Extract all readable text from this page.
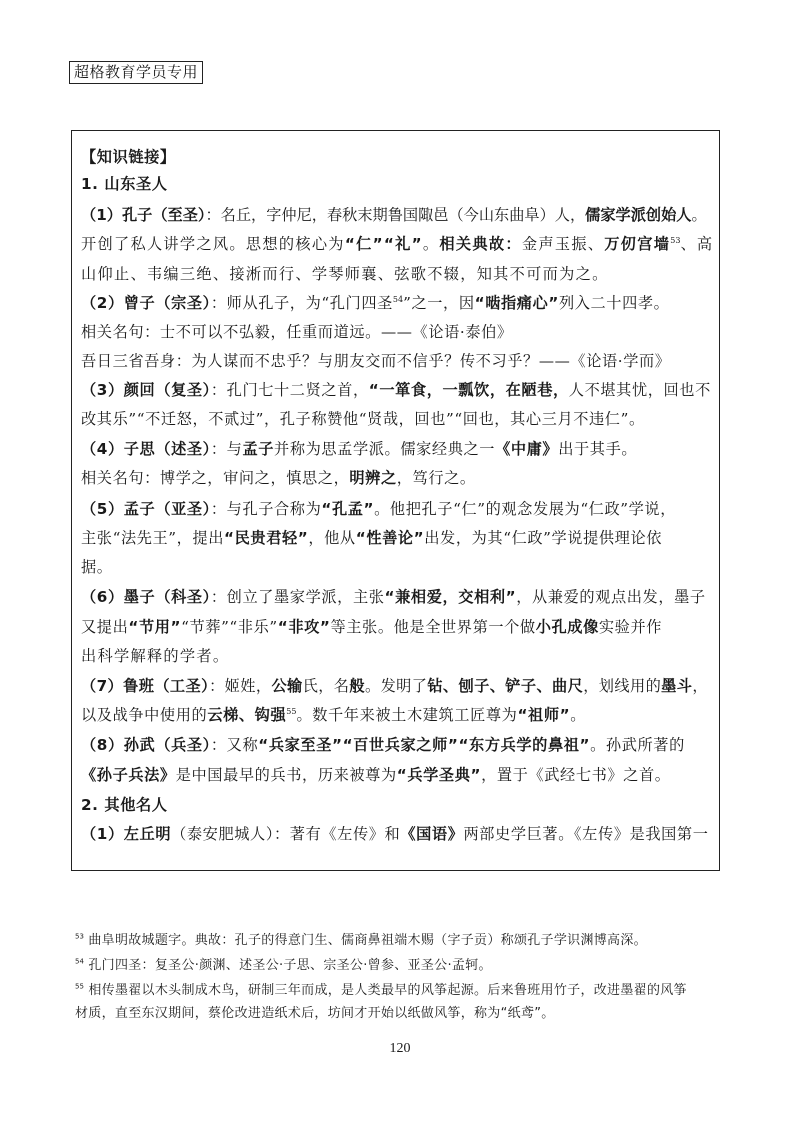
超格教育学员专用
【知识链接】
1. 山东圣人
（1）孔子（至圣）：名丘，字仲尼，春秋末期鲁国陬邑（今山东曲阜）人，儒家学派创始人。
开创了私人讲学之风。思想的核心为“仁”“礼”。相关典故：金声玉振、万仞宫墙$^{53}$、高
山仰止、韦编三绝、接淅而行、学琴师襄、弦歌不辍，知其不可而为之。
（2）曾子（宗圣）：师从孔子，为“孔门四圣$^{54}$”之一，因“啮指痛心”列入二十四孝。
相关名句：士不可以不弘毅，任重而道远。——《论语·泰伯》
吾日三省吾身：为人谋而不忠乎？与朋友交而不信乎？传不习乎？——《论语·学而》
（3）颜回（复圣）：孔门七十二贤之首，“一箪食，一瓢饮，在陋巷，人不堪其忧，回也不
改其乐”“不迁怒，不贰过”，孔子称赞他“贤哉，回也”“回也，其心三月不违仁”。
（4）子思（述圣）：与孟子并称为思孟学派。儒家经典之一《中庸》出于其手。
相关名句：博学之，审问之，慎思之，明辨之，笃行之。
（5）孟子（亚圣）：与孔子合称为“孔孟”。他把孔子“仁”的观念发展为“仁政”学说，
主张“法先王”，提出“民贵君轻”，他从“性善论”出发，为其“仁政”学说提供理论依
据。
（6）墨子（科圣）：创立了墨家学派，主张“兼相爱，交相利”，从兼爱的观点出发，墨子
又提出“节用”“节葬”“非乐”“非攻”等主张。他是全世界第一个做小孔成像实验并作
出科学解释的学者。
（7）鲁班（工圣）：姬姓，公输氏，名般。发明了钻、刨子、铲子、曲尺，划线用的墨斗，
以及战争中使用的云梯、钩强$^{55}$。数千年来被土木建筑工匠尊为“祖师”。
（8）孙武（兵圣）：又称“兵家至圣”“百世兵家之师”“东方兵学的鼻祖”。孙武所著的
《孙子兵法》是中国最早的兵书，历来被尊为“兵学圣典”，置于《武经七书》之首。
2. 其他名人
（1）左丘明（泰安肥城人）：著有《左传》和《国语》两部史学巨著。《左传》是我国第一
$^{53}$ 曲阜明故城题字。典故：孔子的得意门生、儒商鼻祖端木赐（字子贡）称颂孔子学识渊博高深。
$^{54}$ 孔门四圣：复圣公·颜渊、述圣公·子思、宗圣公·曾参、亚圣公·孟轲。
$^{55}$ 相传墨翟以木头制成木鸟，研制三年而成，是人类最早的风筝起源。后来鲁班用竹子，改进墨翟的风筝
材质，直至东汉期间，蔡伦改进造纸术后，坊间才开始以纸做风筝，称为“纸鸢”。
120
